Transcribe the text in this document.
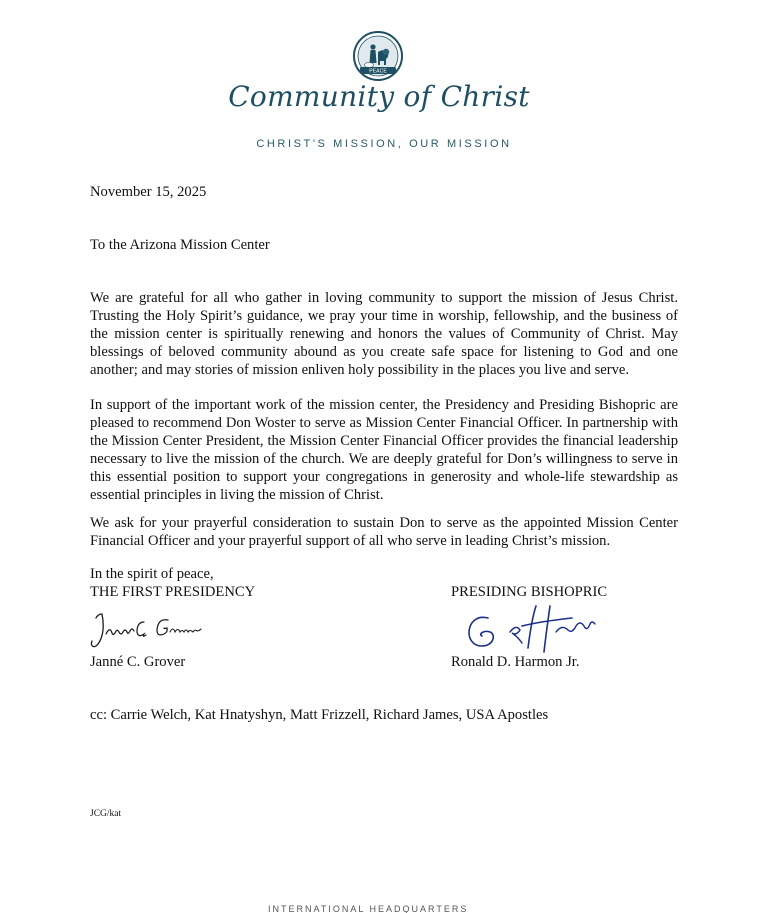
PEACE
Community of Christ
CHRIST'S MISSION, OUR MISSION
November 15, 2025
To the Arizona Mission Center
We are grateful for all who gather in loving community to support the mission of Jesus Christ. Trusting the Holy Spirit’s guidance, we pray your time in worship, fellowship, and the business of the mission center is spiritually renewing and honors the values of Community of Christ. May blessings of beloved community abound as you create safe space for listening to God and one another; and may stories of mission enliven holy possibility in the places you live and serve.
In support of the important work of the mission center, the Presidency and Presiding Bishopric are pleased to recommend Don Woster to serve as Mission Center Financial Officer. In partnership with the Mission Center President, the Mission Center Financial Officer provides the financial leadership necessary to live the mission of the church. We are deeply grateful for Don’s willingness to serve in this essential position to support your congregations in generosity and whole-life stewardship as essential principles in living the mission of Christ.
We ask for your prayerful consideration to sustain Don to serve as the appointed Mission Center Financial Officer and your prayerful support of all who serve in leading Christ’s mission.
In the spirit of peace,
THE FIRST PRESIDENCY	PRESIDING BISHOPRIC
Janné C. Grover	Ronald D. Harmon Jr.
cc: Carrie Welch, Kat Hnatyshyn, Matt Frizzell, Richard James, USA Apostles
JCG/kat
INTERNATIONAL HEADQUARTERS
